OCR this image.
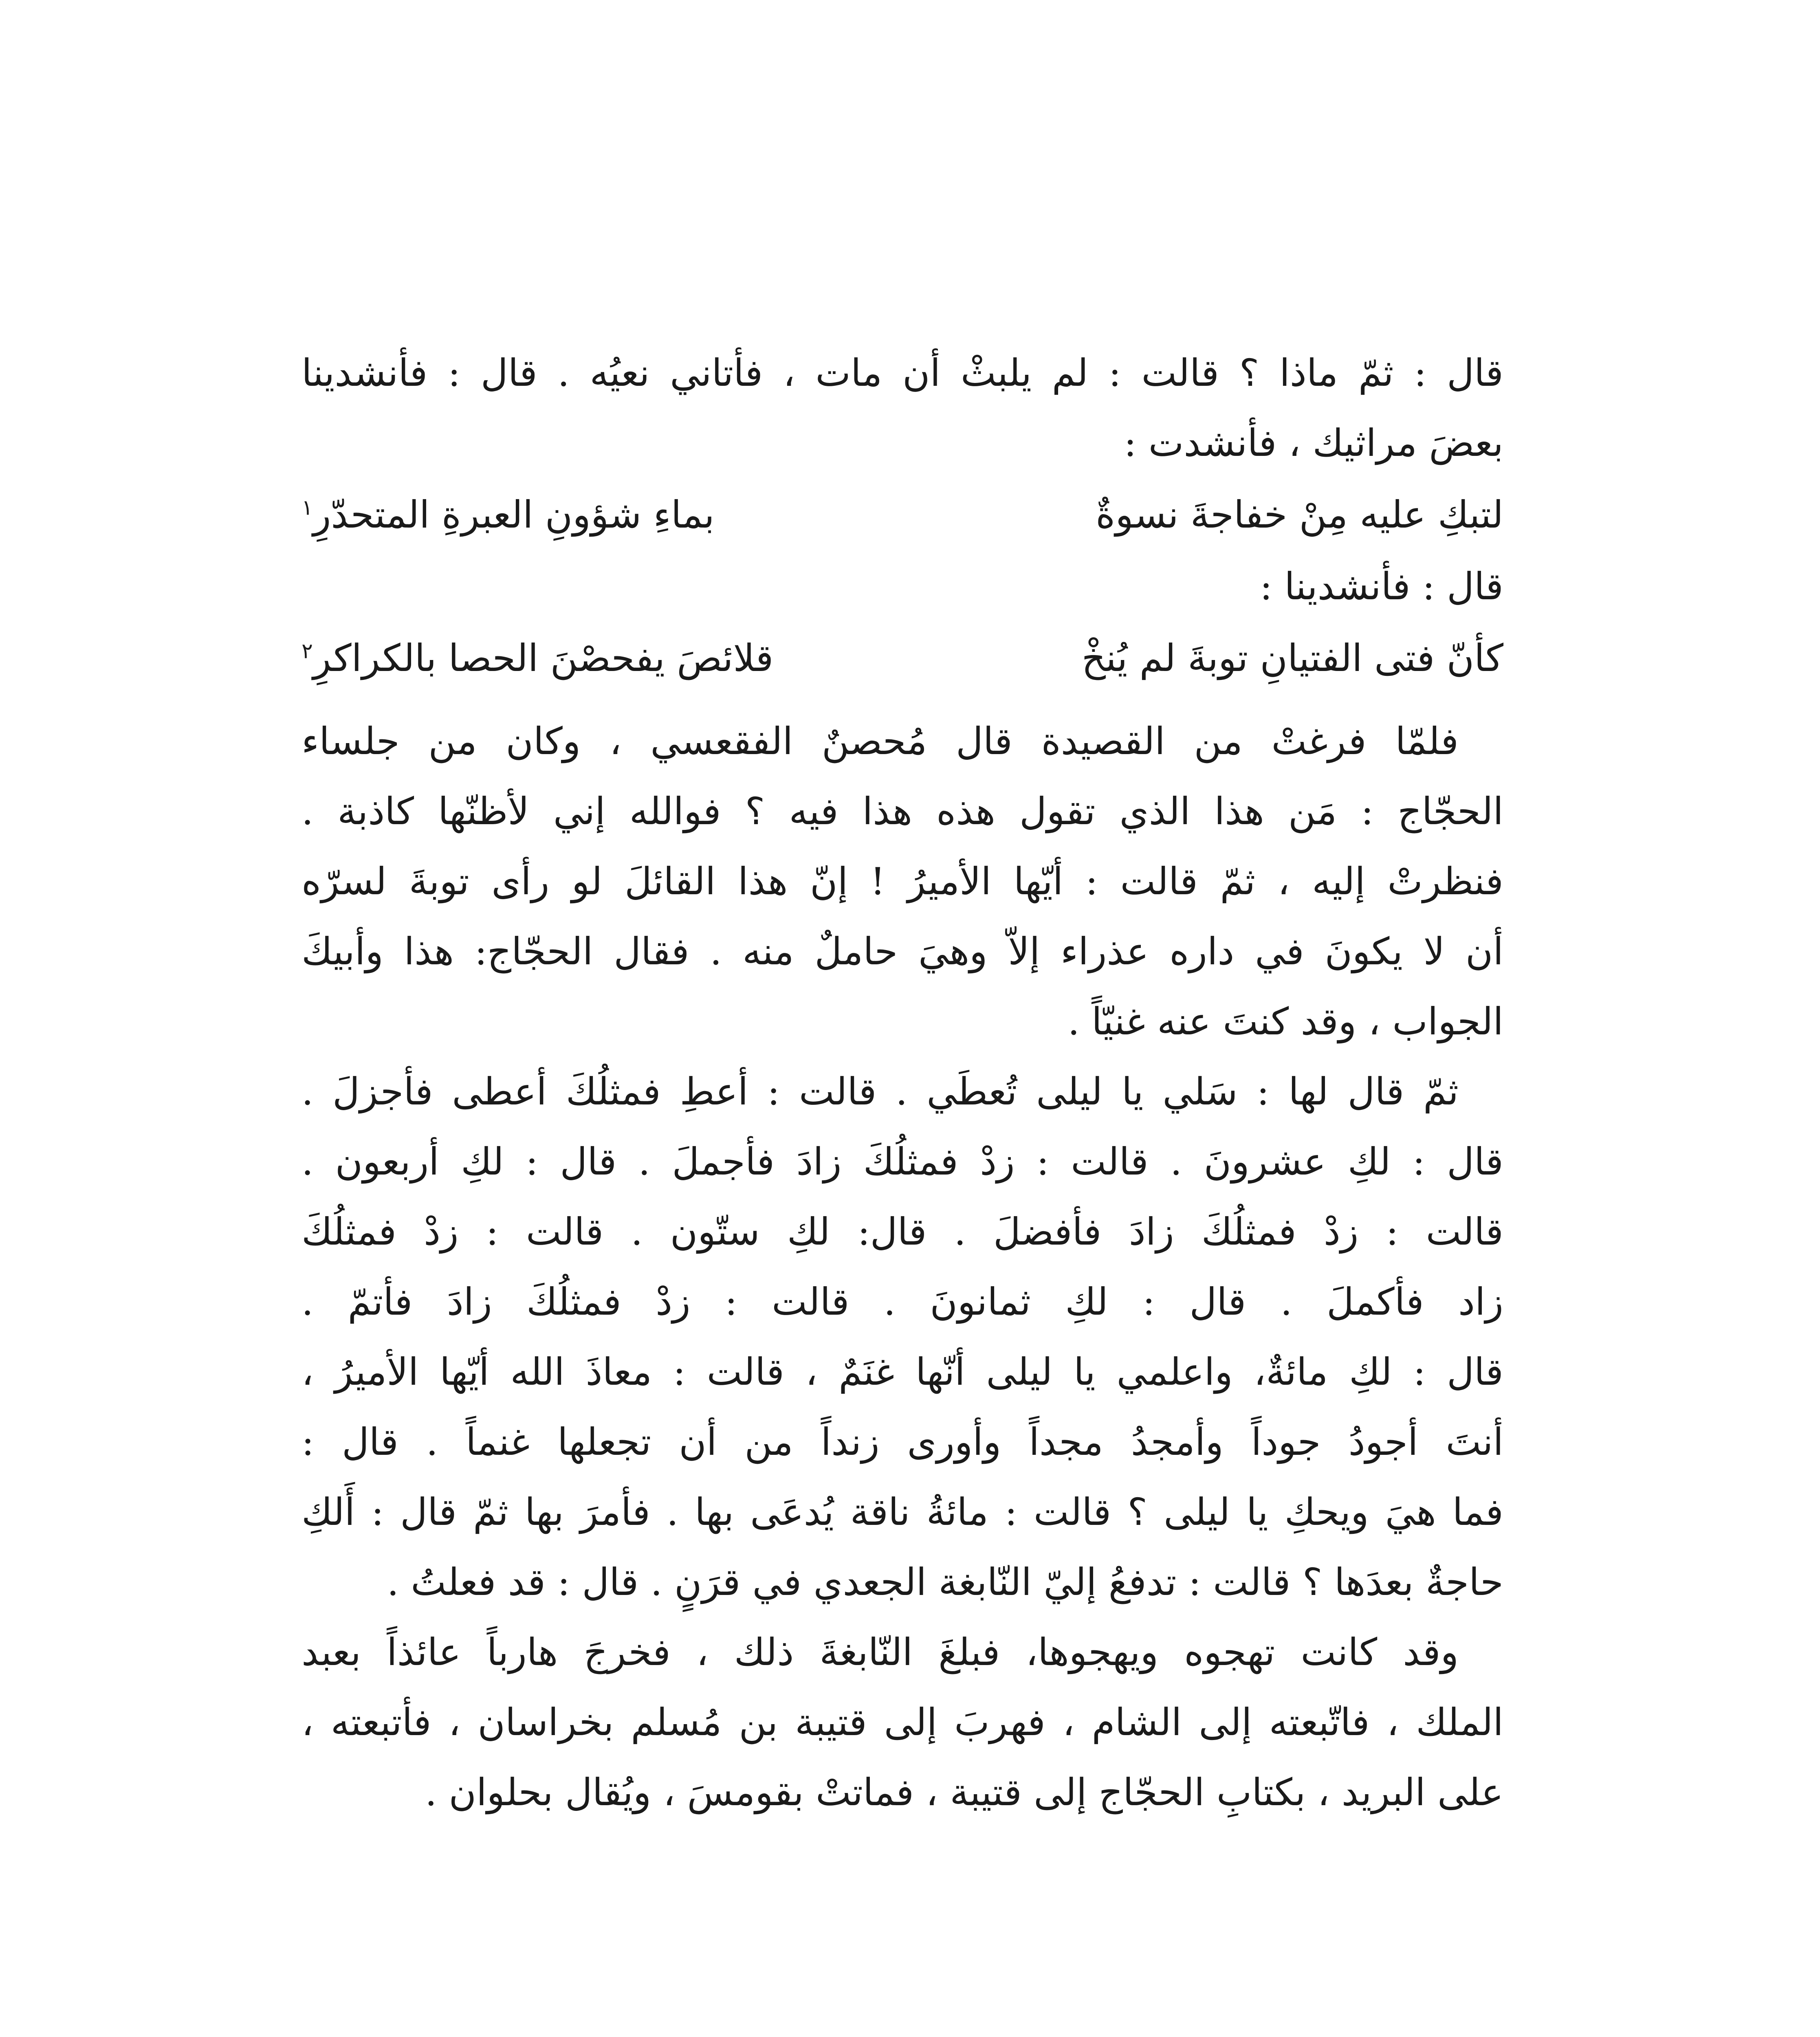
قال : ثمّ ماذا ؟ قالت : لم يلبثْ أن مات ، فأتاني نعيُه . قال : فأنشدينا
بعضَ مراثيك ، فأنشدت :
لتبكِ عليه مِنْ خفاجةَ نسوةٌ
بماءِ شؤونِ العبرةِ المتحدّرِ$^١$
قال : فأنشدينا :
كأنّ فتى الفتيانِ توبةَ لم يُنخْ
قلائصَ يفحصْنَ الحصا بالكراكرِ$^٢$
فلمّا فرغتْ من القصيدة قال مُحصنٌ الفقعسي ، وكان من جلساء
الحجّاج : مَن هذا الذي تقول هذه هذا فيه ؟ فوالله إني لأظنّها كاذبة .
فنظرتْ إليه ، ثمّ قالت : أيّها الأميرُ ! إنّ هذا القائلَ لو رأى توبةَ لسرّه
أن لا يكونَ في داره عذراء إلاّ وهيَ حاملٌ منه . فقال الحجّاج: هذا وأبيكَ
الجواب ، وقد كنتَ عنه غنيّاً .
ثمّ قال لها : سَلي يا ليلى تُعطَي . قالت : أعطِ فمثلُكَ أعطى فأجزلَ .
قال : لكِ عشرونَ . قالت : زدْ فمثلُكَ زادَ فأجملَ . قال : لكِ أربعون .
قالت : زدْ فمثلُكَ زادَ فأفضلَ . قال: لكِ ستّون . قالت : زدْ فمثلُكَ
زاد فأكملَ . قال : لكِ ثمانونَ . قالت : زدْ فمثلُكَ زادَ فأتمّ .
قال : لكِ مائةٌ، واعلمي يا ليلى أنّها غنَمٌ ، قالت : معاذَ الله أيّها الأميرُ ،
أنتَ أجودُ جوداً وأمجدُ مجداً وأورى زنداً من أن تجعلها غنماً . قال :
فما هيَ ويحكِ يا ليلى ؟ قالت : مائةُ ناقة يُدعَى بها . فأمرَ بها ثمّ قال : أَلكِ
حاجةٌ بعدَها ؟ قالت : تدفعُ إليّ النّابغة الجعدي في قرَنٍ . قال : قد فعلتُ .
وقد كانت تهجوه ويهجوها، فبلغَ النّابغةَ ذلك ، فخرجَ هارباً عائذاً بعبد
الملك ، فاتّبعته إلى الشام ، فهربَ إلى قتيبة بن مُسلم بخراسان ، فأتبعته ،
على البريد ، بكتابِ الحجّاج إلى قتيبة ، فماتتْ بقومسَ ، ويُقال بحلوان .
